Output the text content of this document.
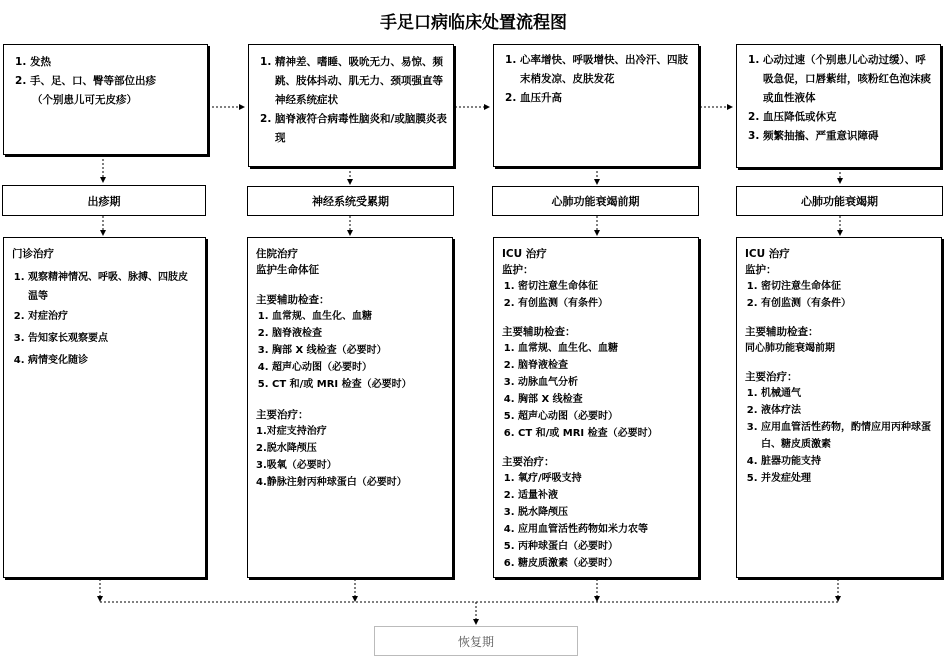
手足口病临床处置流程图
1. 发热
2. 手、足、口、臀等部位出疹
（个别患儿可无皮疹）
1. 精神差、嗜睡、吸吮无力、易惊、频跳、肢体抖动、肌无力、颈项强直等神经系统症状
2. 脑脊液符合病毒性脑炎和/或脑膜炎表现
1. 心率增快、呼吸增快、出冷汗、四肢末梢发凉、皮肤发花
2. 血压升高
1. 心动过速（个别患儿心动过缓）、呼吸急促，口唇紫绀，咳粉红色泡沫痰或血性液体
2. 血压降低或休克
3. 频繁抽搐、严重意识障碍
出疹期	神经系统受累期	心肺功能衰竭前期	心肺功能衰竭期
门诊治疗
1. 观察精神情况、呼吸、脉搏、四肢皮温等
2. 对症治疗
3. 告知家长观察要点
4. 病情变化随诊
住院治疗
监护生命体征
主要辅助检查：
1. 血常规、血生化、血糖
2. 脑脊液检查
3. 胸部 X 线检查（必要时）
4. 超声心动图（必要时）
5. CT 和/或 MRI 检查（必要时）
主要治疗：
1.对症支持治疗
2.脱水降颅压
3.吸氧（必要时）
4.静脉注射丙种球蛋白（必要时）
ICU 治疗
监护：
1. 密切注意生命体征
2. 有创监测（有条件）
主要辅助检查：
1. 血常规、血生化、血糖
2. 脑脊液检查
3. 动脉血气分析
4. 胸部 X 线检查
5. 超声心动图（必要时）
6. CT 和/或 MRI 检查（必要时）
主要治疗：
1. 氧疗/呼吸支持
2. 适量补液
3. 脱水降颅压
4. 应用血管活性药物如米力农等
5. 丙种球蛋白（必要时）
6. 糖皮质激素（必要时）
ICU 治疗
监护：
1. 密切注意生命体征
2. 有创监测（有条件）
主要辅助检查：
同心肺功能衰竭前期
主要治疗：
1. 机械通气
2. 液体疗法
3. 应用血管活性药物，酌情应用丙种球蛋白、糖皮质激素
4. 脏器功能支持
5. 并发症处理
恢复期
